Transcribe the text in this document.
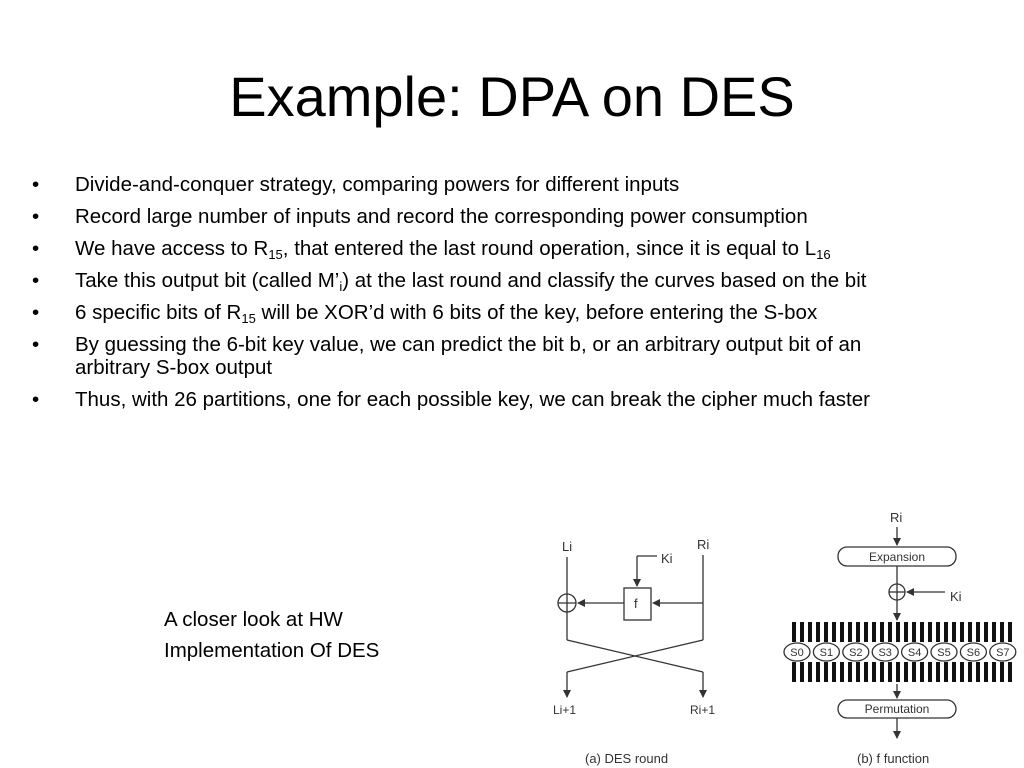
Example: DPA on DES
• Divide-and-conquer strategy, comparing powers for different inputs
• Record large number of inputs and record the corresponding power consumption
• We have access to $R_{15}$, that entered the last round operation, since it is equal to $L_{16}$
• Take this output bit (called $M’_i$) at the last round and classify the curves based on the bit
• 6 specific bits of $R_{15}$ will be XOR’d with 6 bits of the key, before entering the S-box
• By guessing the 6-bit key value, we can predict the bit b, or an arbitrary output bit of an arbitrary S-box output
• Thus, with 26 partitions, one for each possible key, we can break the cipher much faster
A closer look at HW
Implementation Of DES
Li	Ri
Ki
f
Li+1	Ri+1
(a) DES round
Ri
Expansion
Ki
S0 S1 S2 S3 S4 S5 S6 S7
Permutation
(b) f function
